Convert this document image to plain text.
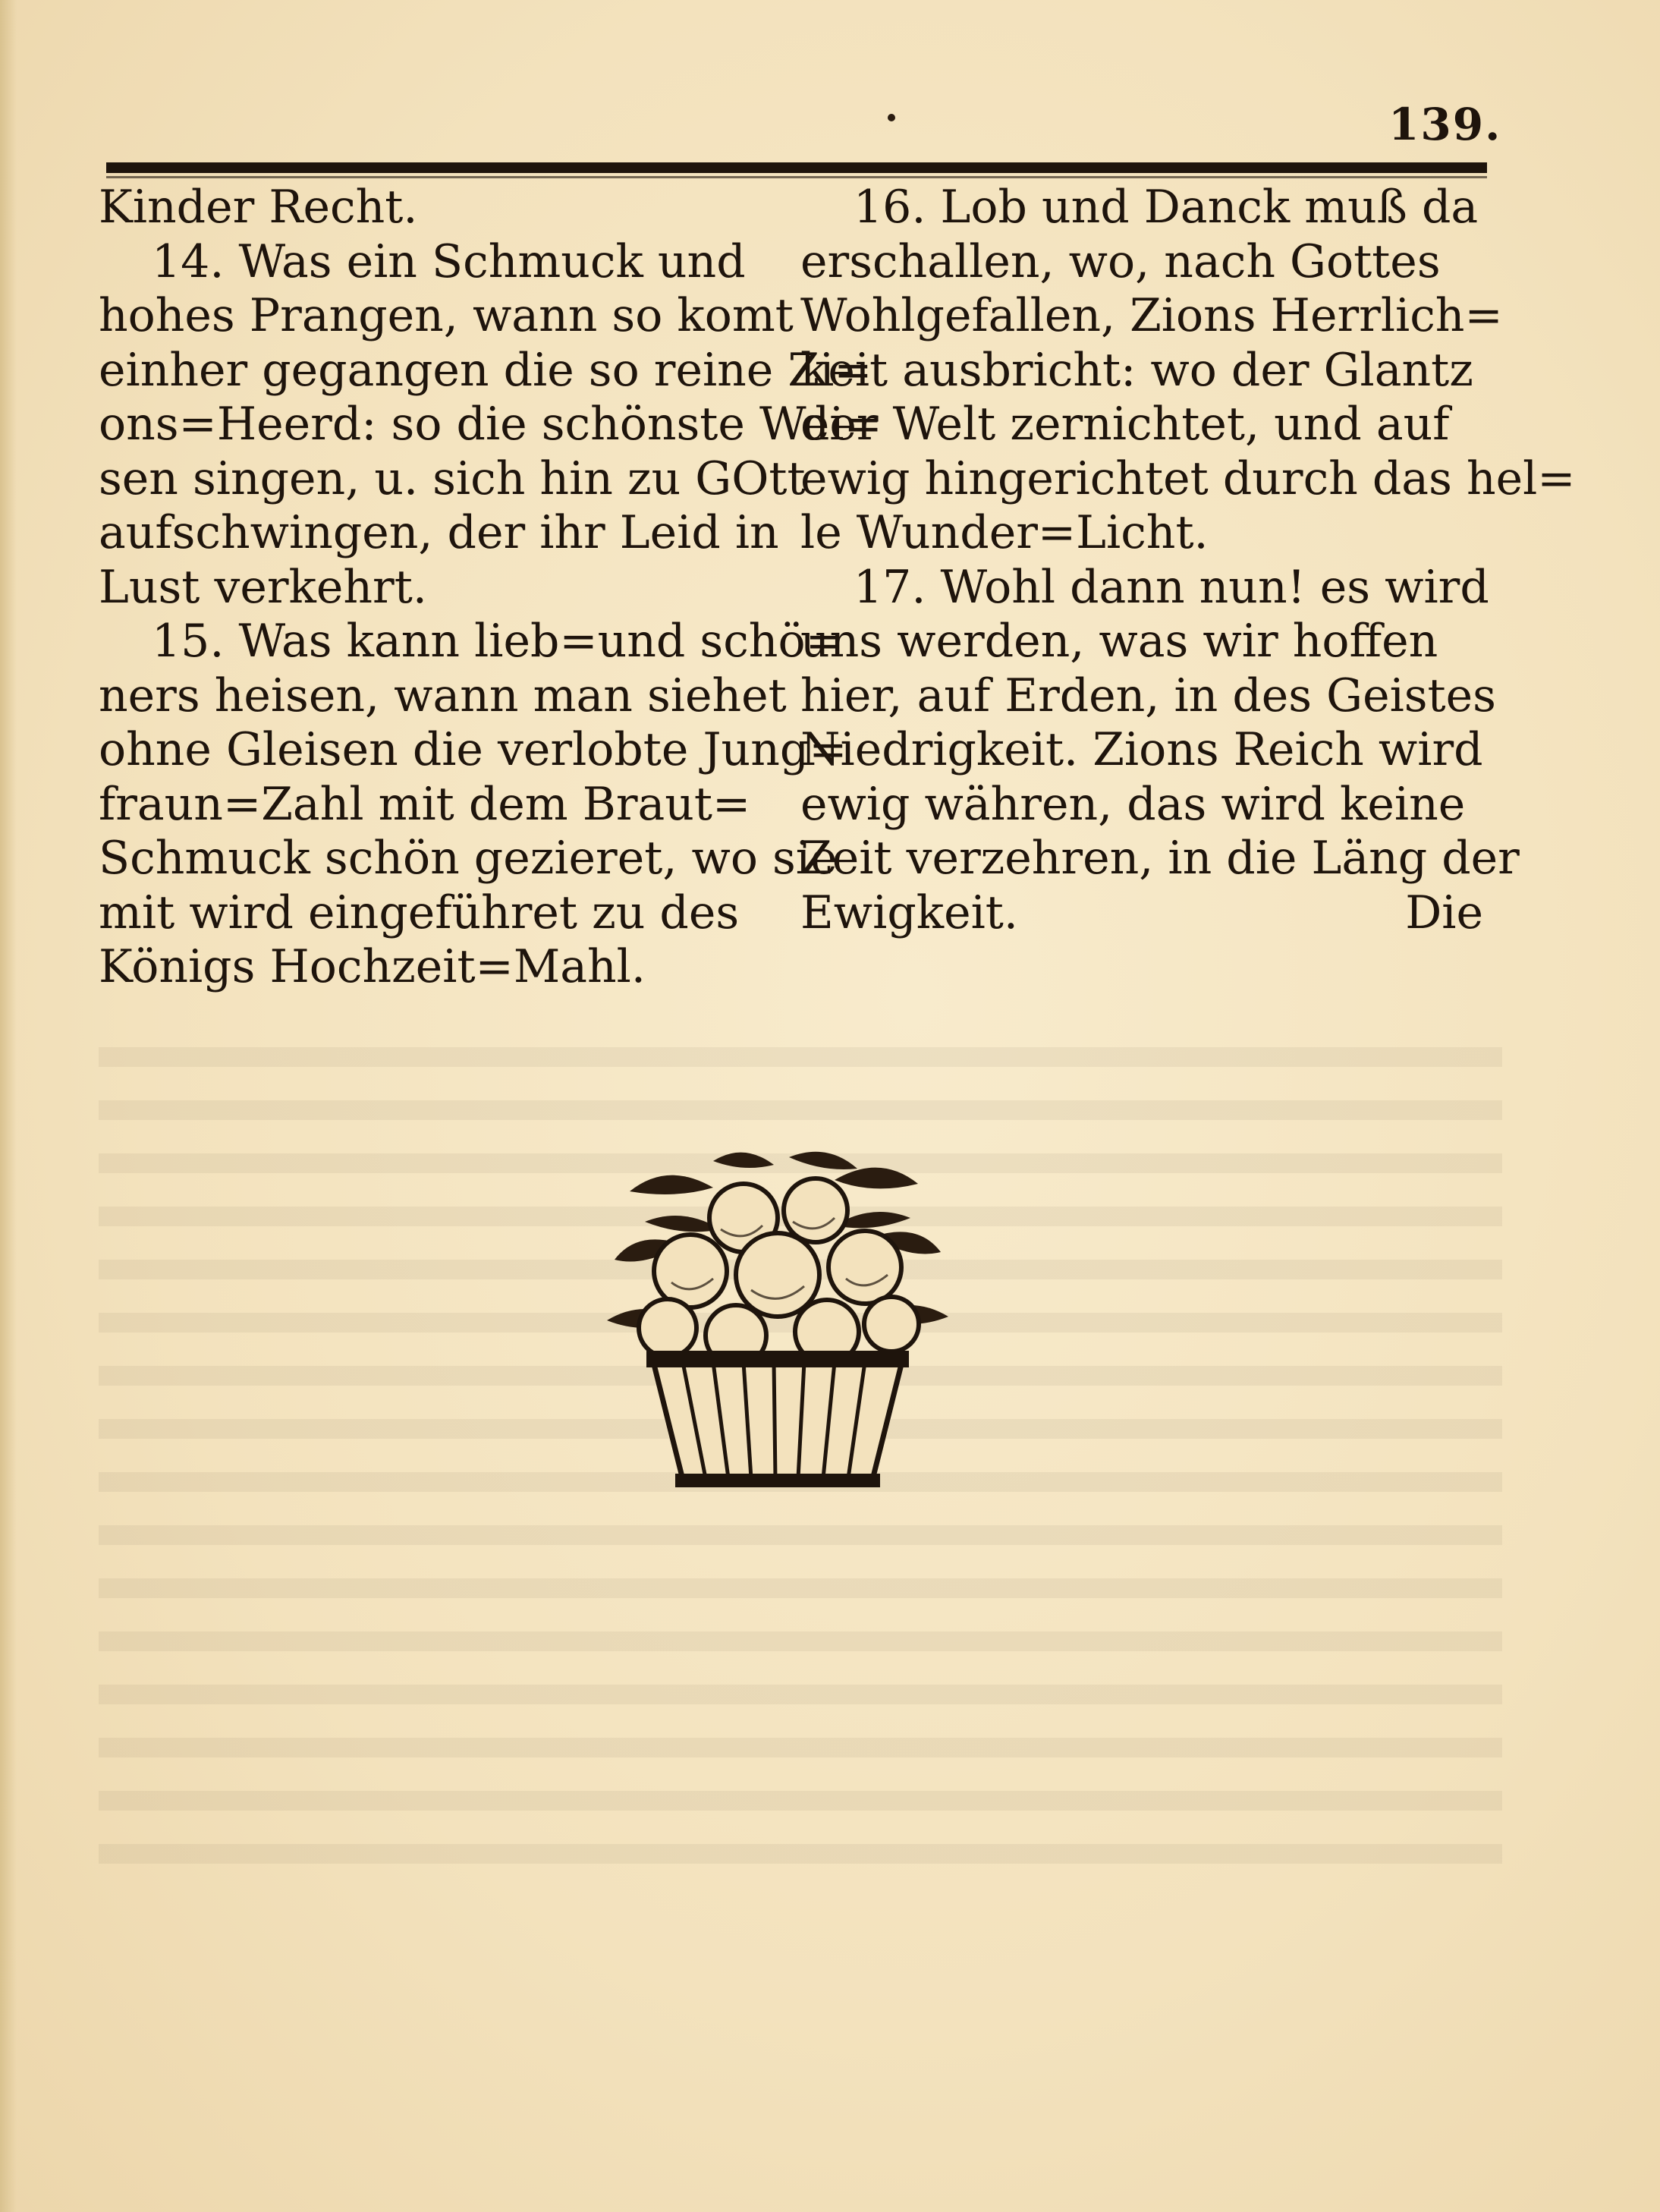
139.
Kinder Recht.
14. Was ein Schmuck und
hohes Prangen, wann so komt
einher gegangen die so reine Zi=
ons=Heerd: so die schönste Wei=
sen singen, u. sich hin zu GOtt
aufschwingen, der ihr Leid in
Lust verkehrt.
15. Was kann lieb=und schö=
ners heisen, wann man siehet
ohne Gleisen die verlobte Jung=
fraun=Zahl mit dem Braut=
Schmuck schön gezieret, wo sie
mit wird eingeführet zu des
Königs Hochzeit=Mahl.
16. Lob und Danck muß da
erschallen, wo, nach Gottes
Wohlgefallen, Zions Herrlich=
keit ausbricht: wo der Glantz
der Welt zernichtet, und auf
ewig hingerichtet durch das hel=
le Wunder=Licht.
17. Wohl dann nun! es wird
uns werden, was wir hoffen
hier, auf Erden, in des Geistes
Niedrigkeit. Zions Reich wird
ewig währen, das wird keine
Zeit verzehren, in die Läng der
Ewigkeit.	Die
